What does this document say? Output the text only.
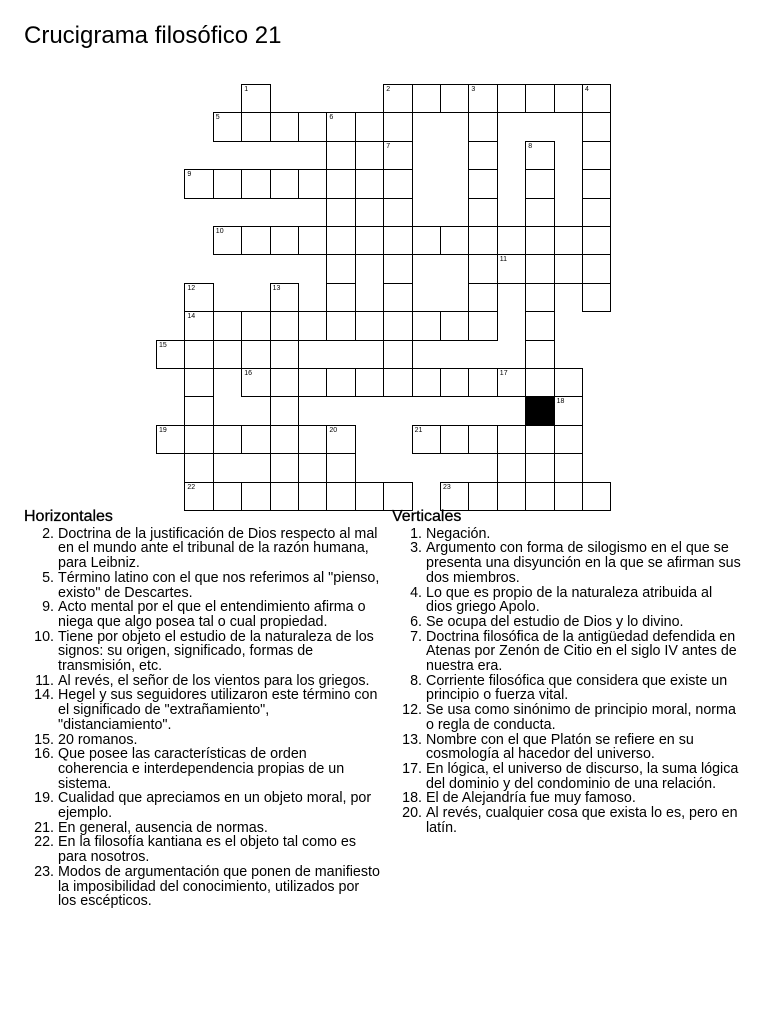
Crucigrama filosófico 21
2	3	4
1
5	6
7	8
9
10
11
12
14
13
15
16	17
18
19	20	21
22	23
Horizontales
2. Doctrina de la justificación de Dios respecto al mal en el mundo ante el tribunal de la razón humana, para Leibniz.
5. Término latino con el que nos referimos al "pienso, existo" de Descartes.
9. Acto mental por el que el entendimiento afirma o niega que algo posea tal o cual propiedad.
10. Tiene por objeto el estudio de la naturaleza de los signos: su origen, significado, formas de transmisión, etc.
11. Al revés, el señor de los vientos para los griegos.
14. Hegel y sus seguidores utilizaron este término con el significado de "extrañamiento", "distanciamiento".
15. 20 romanos.
16. Que posee las características de orden coherencia e interdependencia propias de un sistema.
19. Cualidad que apreciamos en un objeto moral, por ejemplo.
21. En general, ausencia de normas.
22. En la filosofía kantiana es el objeto tal como es para nosotros.
23. Modos de argumentación que ponen de manifiesto la imposibilidad del conocimiento, utilizados por los escépticos.
Verticales
1. Negación.
3. Argumento con forma de silogismo en el que se presenta una disyunción en la que se afirman sus dos miembros.
4. Lo que es propio de la naturaleza atribuida al dios griego Apolo.
6. Se ocupa del estudio de Dios y lo divino.
7. Doctrina filosófica de la antigüedad defendida en Atenas por Zenón de Citio en el siglo IV antes de nuestra era.
8. Corriente filosófica que considera que existe un principio o fuerza vital.
12. Se usa como sinónimo de principio moral, norma o regla de conducta.
13. Nombre con el que Platón se refiere en su cosmología al hacedor del universo.
17. En lógica, el universo de discurso, la suma lógica del dominio y del condominio de una relación.
18. El de Alejandría fue muy famoso.
20. Al revés, cualquier cosa que exista lo es, pero en latín.
